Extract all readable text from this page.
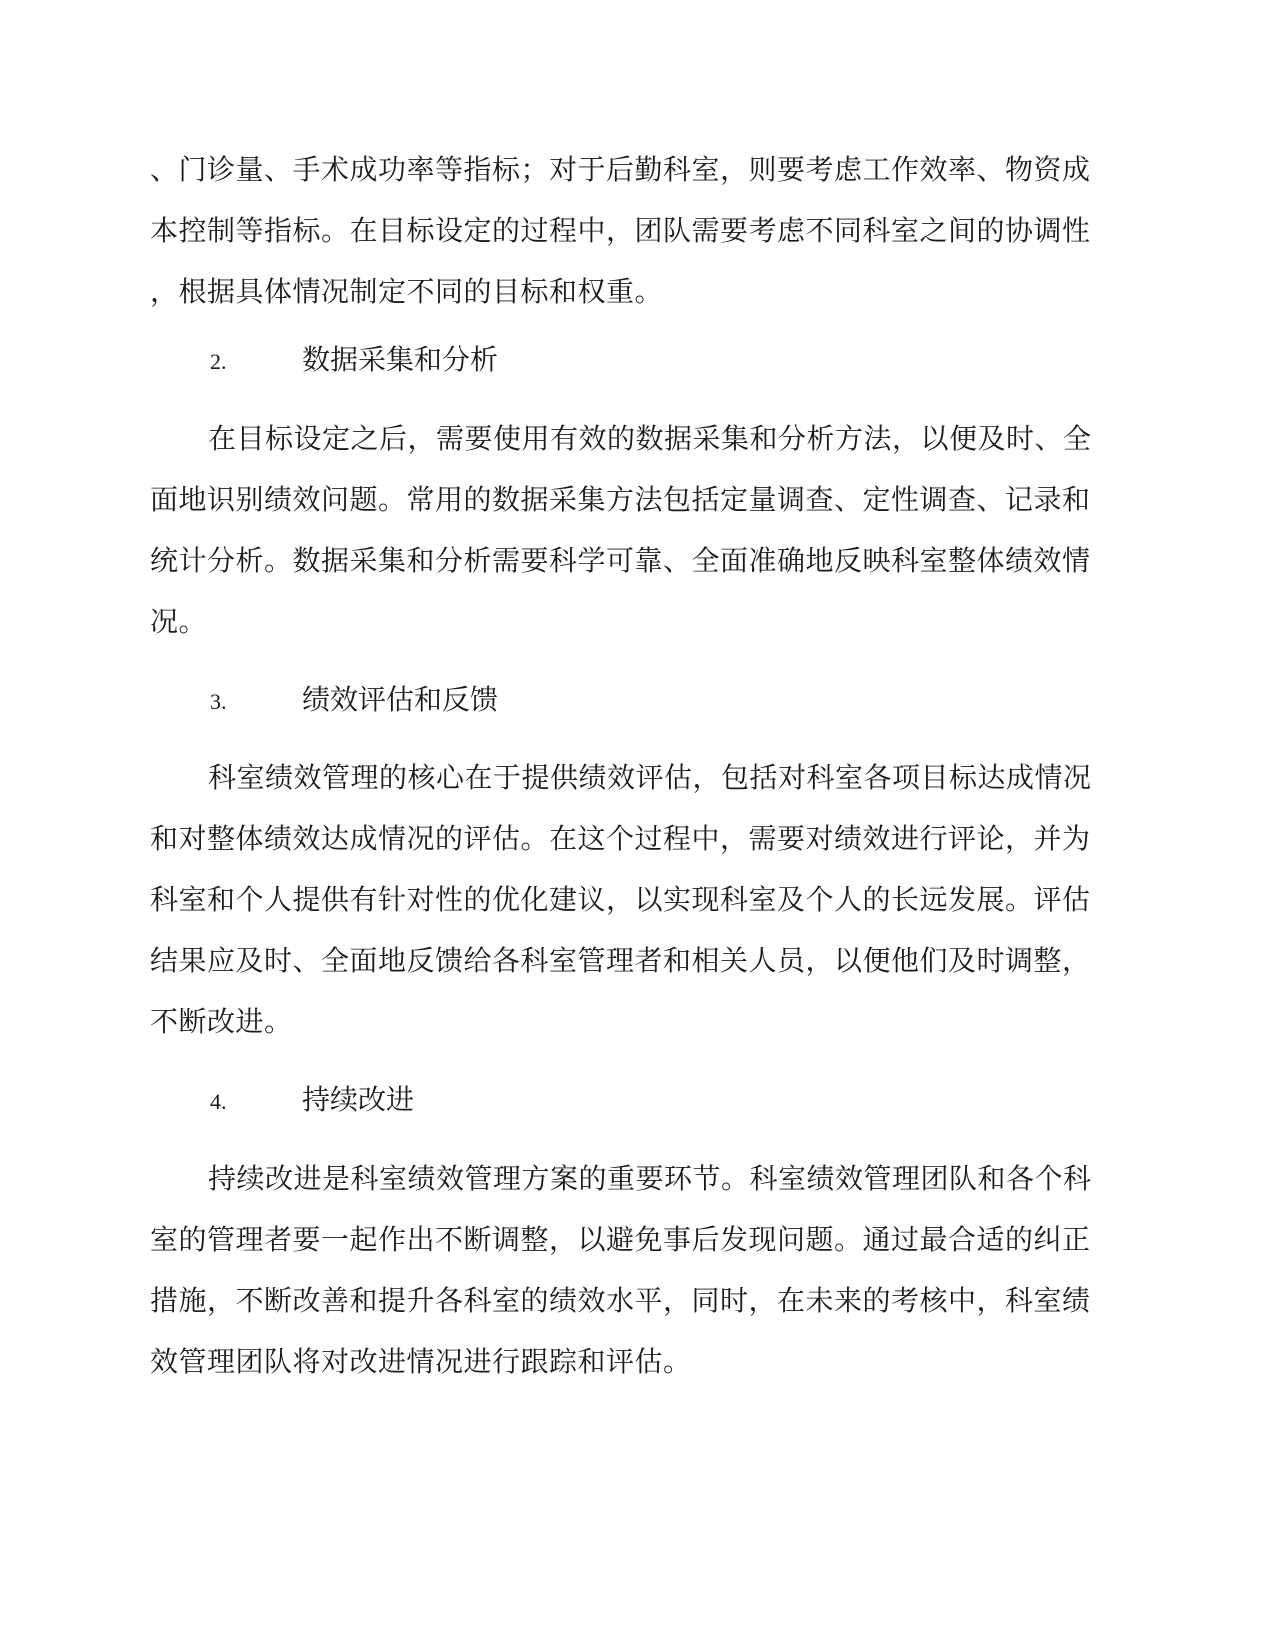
、门诊量、手术成功率等指标；对于后勤科室，则要考虑工作效率、物资成

本控制等指标。在目标设定的过程中，团队需要考虑不同科室之间的协调性

，根据具体情况制定不同的目标和权重。

2.	数据采集和分析

在目标设定之后，需要使用有效的数据采集和分析方法，以便及时、全

面地识别绩效问题。常用的数据采集方法包括定量调查、定性调查、记录和

统计分析。数据采集和分析需要科学可靠、全面准确地反映科室整体绩效情

况。

3.	绩效评估和反馈

科室绩效管理的核心在于提供绩效评估，包括对科室各项目标达成情况

和对整体绩效达成情况的评估。在这个过程中，需要对绩效进行评论，并为

科室和个人提供有针对性的优化建议，以实现科室及个人的长远发展。评估

结果应及时、全面地反馈给各科室管理者和相关人员，以便他们及时调整，

不断改进。

4.	持续改进

持续改进是科室绩效管理方案的重要环节。科室绩效管理团队和各个科

室的管理者要一起作出不断调整，以避免事后发现问题。通过最合适的纠正

措施，不断改善和提升各科室的绩效水平，同时，在未来的考核中，科室绩

效管理团队将对改进情况进行跟踪和评估。
